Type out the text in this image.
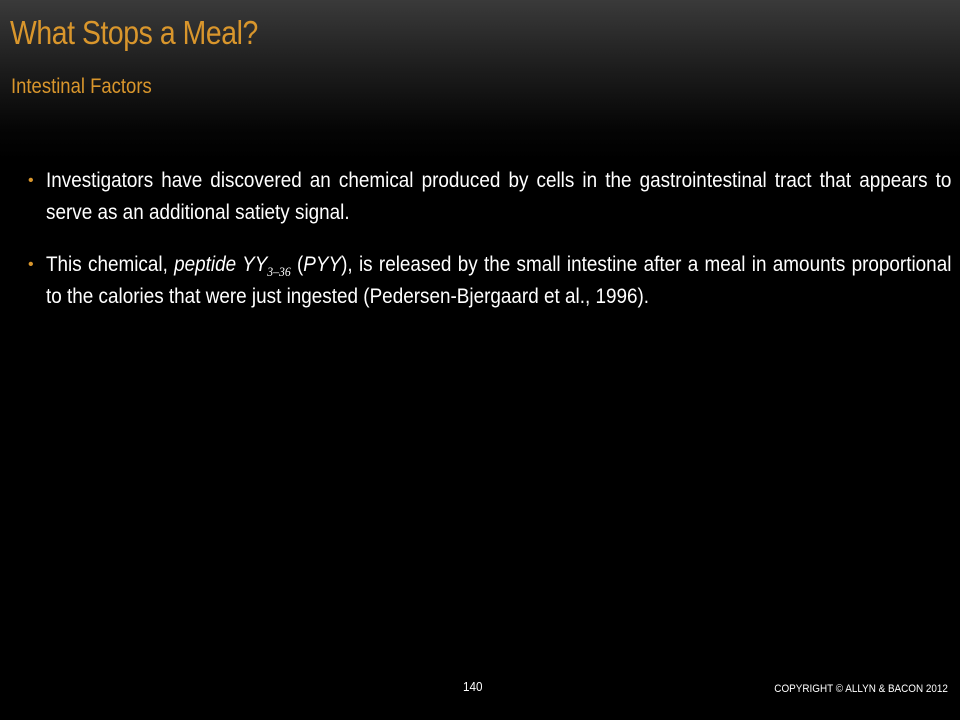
What Stops a Meal?
Intestinal Factors
• Investigators have discovered an chemical produced by cells in the gastrointestinal tract that appears to serve as an additional satiety signal.
• This chemical, peptide $YY_{3-36}$ (PYY), is released by the small intestine after a meal in amounts proportional to the calories that were just ingested (Pedersen-Bjergaard et al., 1996).
140	COPYRIGHT © ALLYN & BACON 2012
